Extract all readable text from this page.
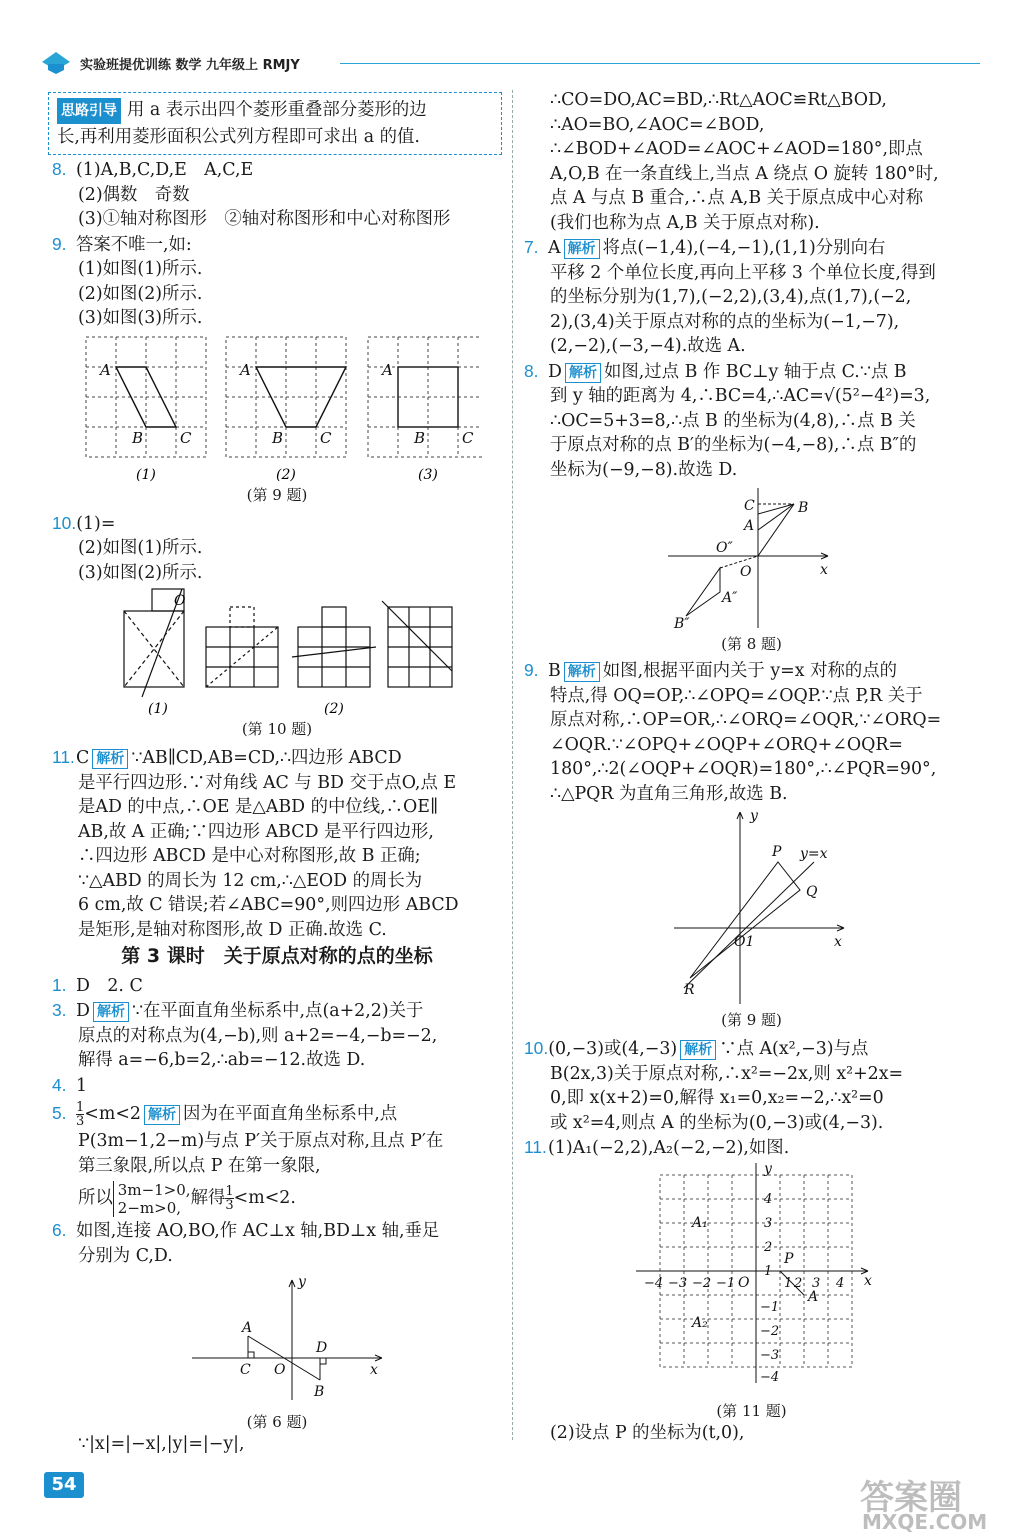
实验班提优训练 数学 九年级上 RMJY
思路引导 用 a 表示出四个菱形重叠部分菱形的边
长,再利用菱形面积公式列方程即可求出 a 的值.
8. (1)A,B,C,D,E　A,C,E
(2)偶数　奇数
(3)①轴对称图形　②轴对称图形和中心对称图形
9. 答案不唯一,如:
(1)如图(1)所示.
(2)如图(2)所示.
(3)如图(3)所示.
A
B C
A
B C
A
B C
(1)	(2)	(3)
(第 9 题)
10.(1)=
(2)如图(1)所示.
(3)如图(2)所示.
O
(1)	(2)
(第 10 题)
11.C 解析 ∵AB∥CD,AB=CD,∴四边形 ABCD
是平行四边形.∵对角线 AC 与 BD 交于点O,点 E
是AD 的中点,∴OE 是△ABD 的中位线,∴OE∥
AB,故 A 正确;∵四边形 ABCD 是平行四边形,
∴四边形 ABCD 是中心对称图形,故 B 正确;
∵△ABD 的周长为 12 cm,∴△EOD 的周长为
6 cm,故 C 错误;若∠ABC=90°,则四边形 ABCD
是矩形,是轴对称图形,故 D 正确.故选 C.
第 3 课时　关于原点对称的点的坐标
1. D　2. C
3. D 解析 ∵在平面直角坐标系中,点(a+2,2)关于
原点的对称点为(4,−b),则 a+2=−4,−b=−2,
解得 a=−6,b=2,∴ab=−12.故选 D.
4. 1
5. $\frac{1}{3} <m<2$ 解析 因为在平面直角坐标系中,点
P(3m−1,2−m)与点 P′关于原点对称,且点 P′在
第三象限,所以点 P 在第一象限,
所以 3m−1>0,
2−m>0, 解得 $\frac{1}{3} <m<2$.
6. 如图,连接 AO,BO,作 AC⊥x 轴,BD⊥x 轴,垂足
分别为 C,D.
A
C O
D
B
y
x
(第 6 题)
∵|x|=|−x|,|y|=|−y|,
∴CO=DO,AC=BD,∴Rt△AOC≌Rt△BOD,
∴AO=BO,∠AOC=∠BOD,
∴∠BOD+∠AOD=∠AOC+∠AOD=180°,即点
A,O,B 在一条直线上,当点 A 绕点 O 旋转 180°时,
点 A 与点 B 重合,∴点 A,B 关于原点成中心对称
(我们也称为点 A,B 关于原点对称).
7. A 解析 将点(−1,4),(−4,−1),(1,1)分别向右
平移 2 个单位长度,再向上平移 3 个单位长度,得到
的坐标分别为(1,7),(−2,2),(3,4),点(1,7),(−2,
2),(3,4)关于原点对称的点的坐标为(−1,−7),
(2,−2),(−3,−4).故选 A.
8. D 解析 如图,过点 B 作 BC⊥y 轴于点 C.∵点 B
到 y 轴的距离为 4,∴BC=4,∴AC=√(5²−4²)=3,
∴OC=5+3=8,∴点 B 的坐标为(4,8),∴点 B 关
于原点对称的点 B′的坐标为(−4,−8),∴点 B″的
坐标为(−9,−8).故选 D.
C
A
B
O″
O
A″
B″
x
(第 8 题)
9. B 解析 如图,根据平面内关于 y=x 对称的点的
特点,得 OQ=OP,∴∠OPQ=∠OQP.∵点 P,R 关于
原点对称,∴OP=OR,∴∠ORQ=∠OQR,∵∠ORQ=
∠OQR.∵∠OPQ+∠OQP+∠ORQ+∠OQR=
180°,∴2(∠OQP+∠OQR)=180°,∴∠PQR=90°,
∴△PQR 为直角三角形,故选 B.
y
P y=x
Q
O1
R
x
(第 9 题)
10.(0,−3)或(4,−3) 解析 ∵点 A(x²,−3)与点
B(2x,3)关于原点对称,∴x²=−2x,则 x²+2x=
0,即 x(x+2)=0,解得 x₁=0,x₂=−2,∴x²=0
或 x²=4,则点 A 的坐标为(0,−3)或(4,−3).
11.(1)A₁(−2,2),A₂(−2,−2),如图.
4
3
2
1
−1
−2
−3
−4
−4 −3 −2 −1	1 2 3 4
y
x
O
P
A
A₁
A₂
(第 11 题)
(2)设点 P 的坐标为(t,0),
54	答案圈
MXQE.COM
